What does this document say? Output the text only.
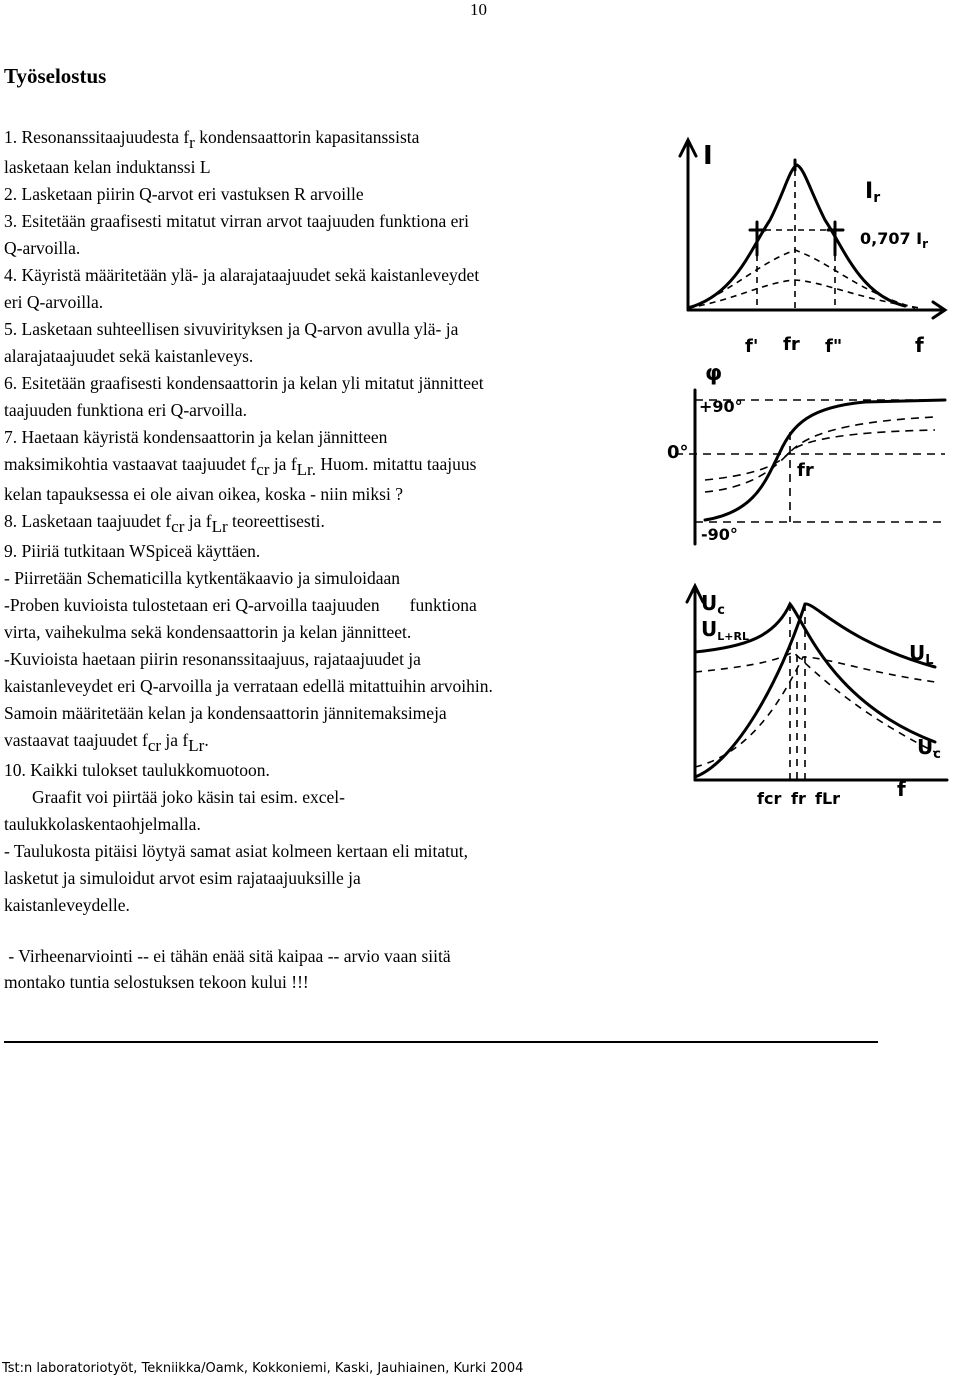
10
Työselostus
1. Resonanssitaajuudesta $f_r$ kondensaattorin kapasitanssista
lasketaan kelan induktanssi L
2. Lasketaan piirin Q-arvot eri vastuksen R arvoille
3. Esitetään graafisesti mitatut virran arvot taajuuden funktiona eri
Q-arvoilla.
4. Käyristä määritetään ylä- ja alarajataajuudet sekä kaistanleveydet
eri Q-arvoilla.
5. Lasketaan suhteellisen sivuvirityksen ja Q-arvon avulla ylä- ja
alarajataajuudet sekä kaistanleveys.
6. Esitetään graafisesti kondensaattorin ja kelan yli mitatut jännitteet
taajuuden funktiona eri Q-arvoilla.
7. Haetaan käyristä kondensaattorin ja kelan jännitteen
maksimikohtia vastaavat taajuudet $f_{cr}$ ja $f_{Lr.}$ Huom. mitattu taajuus
kelan tapauksessa ei ole aivan oikea, koska - niin miksi ?
8. Lasketaan taajuudet $f_{cr}$ ja $f_{Lr}$ teoreettisesti.
9. Piiriä tutkitaan WSpiceä käyttäen.
- Piirretään Schematicilla kytkentäkaavio ja simuloidaan
-Proben kuvioista tulostetaan eri Q-arvoilla taajuuden funktiona
virta, vaihekulma sekä kondensaattorin ja kelan jännitteet.
-Kuvioista haetaan piirin resonanssitaajuus, rajataajuudet ja
kaistanleveydet eri Q-arvoilla ja verrataan edellä mitattuihin arvoihin.
Samoin määritetään kelan ja kondensaattorin jännitemaksimeja
vastaavat taajuudet $f_{cr}$ ja $f_{Lr}$.
10. Kaikki tulokset taulukkomuotoon.
Graafit voi piirtää joko käsin tai esim. excel-
taulukkolaskentaohjelmalla.
- Taulukosta pitäisi löytyä samat asiat kolmeen kertaan eli mitatut,
lasketut ja simuloidut arvot esim rajataajuuksille ja
kaistanleveydelle.
- Virheenarviointi -- ei tähän enää sitä kaipaa -- arvio vaan siitä
montako tuntia selostuksen tekoon kului !!!
I
Ir
0,707 $I_r$
f' fr f"	f
φ
+90°
0°
-90°
fr
$U_c$
$U_{L+RL}$
$U_L$
$U_c$
fcr fr fLr	f
Tst:n laboratoriotyöt, Tekniikka/Oamk, Kokkoniemi, Kaski, Jauhiainen, Kurki 2004
